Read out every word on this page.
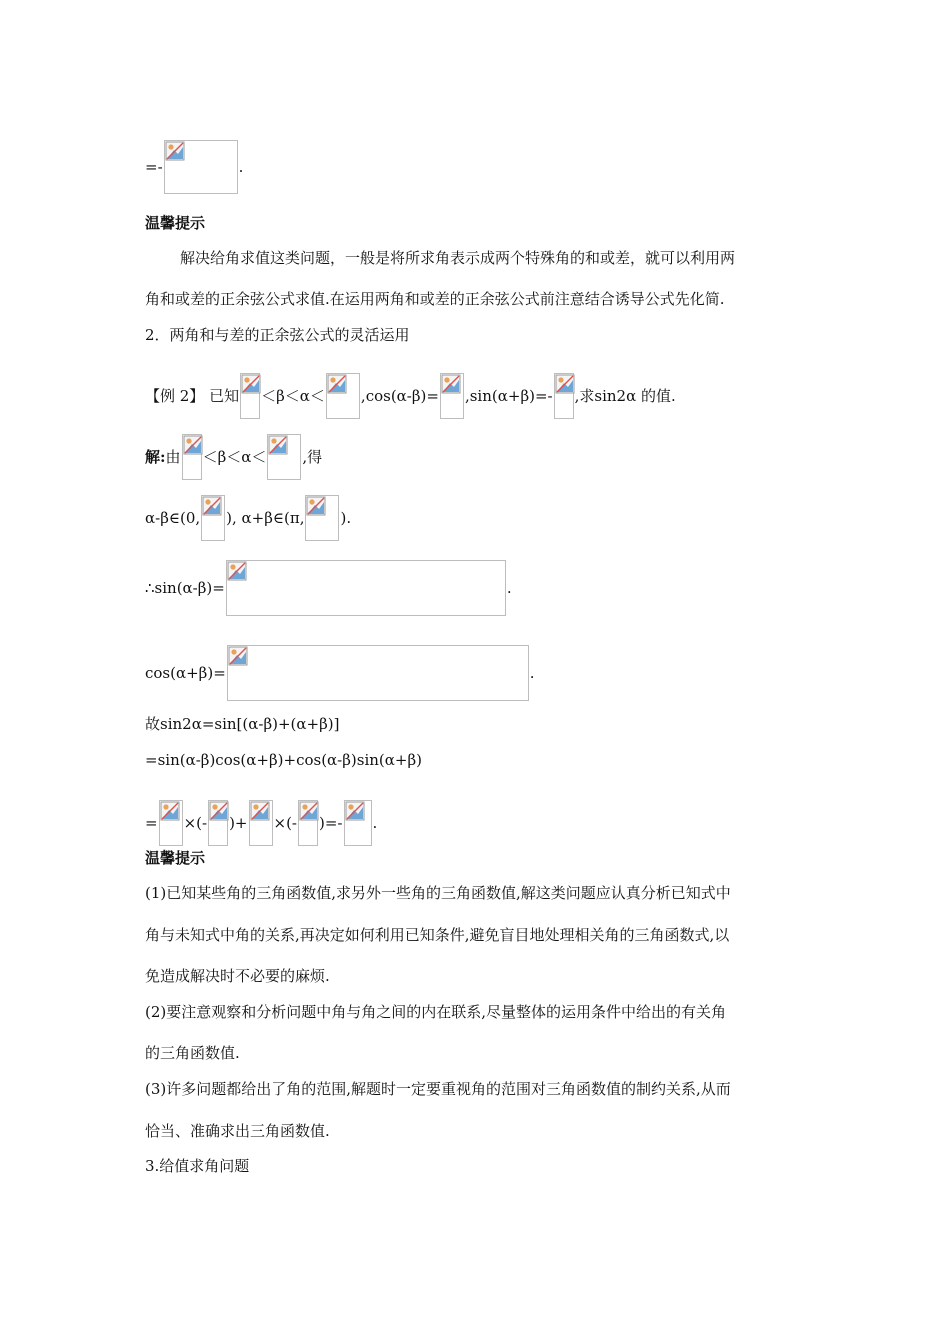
=-	.
温馨提示
解决给角求值这类问题，一般是将所求角表示成两个特殊角的和或差，就可以利用两
角和或差的正余弦公式求值.在运用两角和或差的正余弦公式前注意结合诱导公式先化简.
2．两角和与差的正余弦公式的灵活运用
【例 2】 已知 ＜β＜α＜ ,cos(α-β)= ,sin(α+β)=- ,求sin2α 的值.
解:由 ＜β＜α＜ ,得
α-β∈(0, ), α+β∈(π, ).
∴sin(α-β)=	.
cos(α+β)=	.
故sin2α=sin[(α-β)+(α+β)]
=sin(α-β)cos(α+β)+cos(α-β)sin(α+β)
= ×(- )+ ×(- )=- .
温馨提示
(1)已知某些角的三角函数值,求另外一些角的三角函数值,解这类问题应认真分析已知式中
角与未知式中角的关系,再决定如何利用已知条件,避免盲目地处理相关角的三角函数式,以
免造成解决时不必要的麻烦.
(2)要注意观察和分析问题中角与角之间的内在联系,尽量整体的运用条件中给出的有关角
的三角函数值.
(3)许多问题都给出了角的范围,解题时一定要重视角的范围对三角函数值的制约关系,从而
恰当、准确求出三角函数值.
3.给值求角问题
